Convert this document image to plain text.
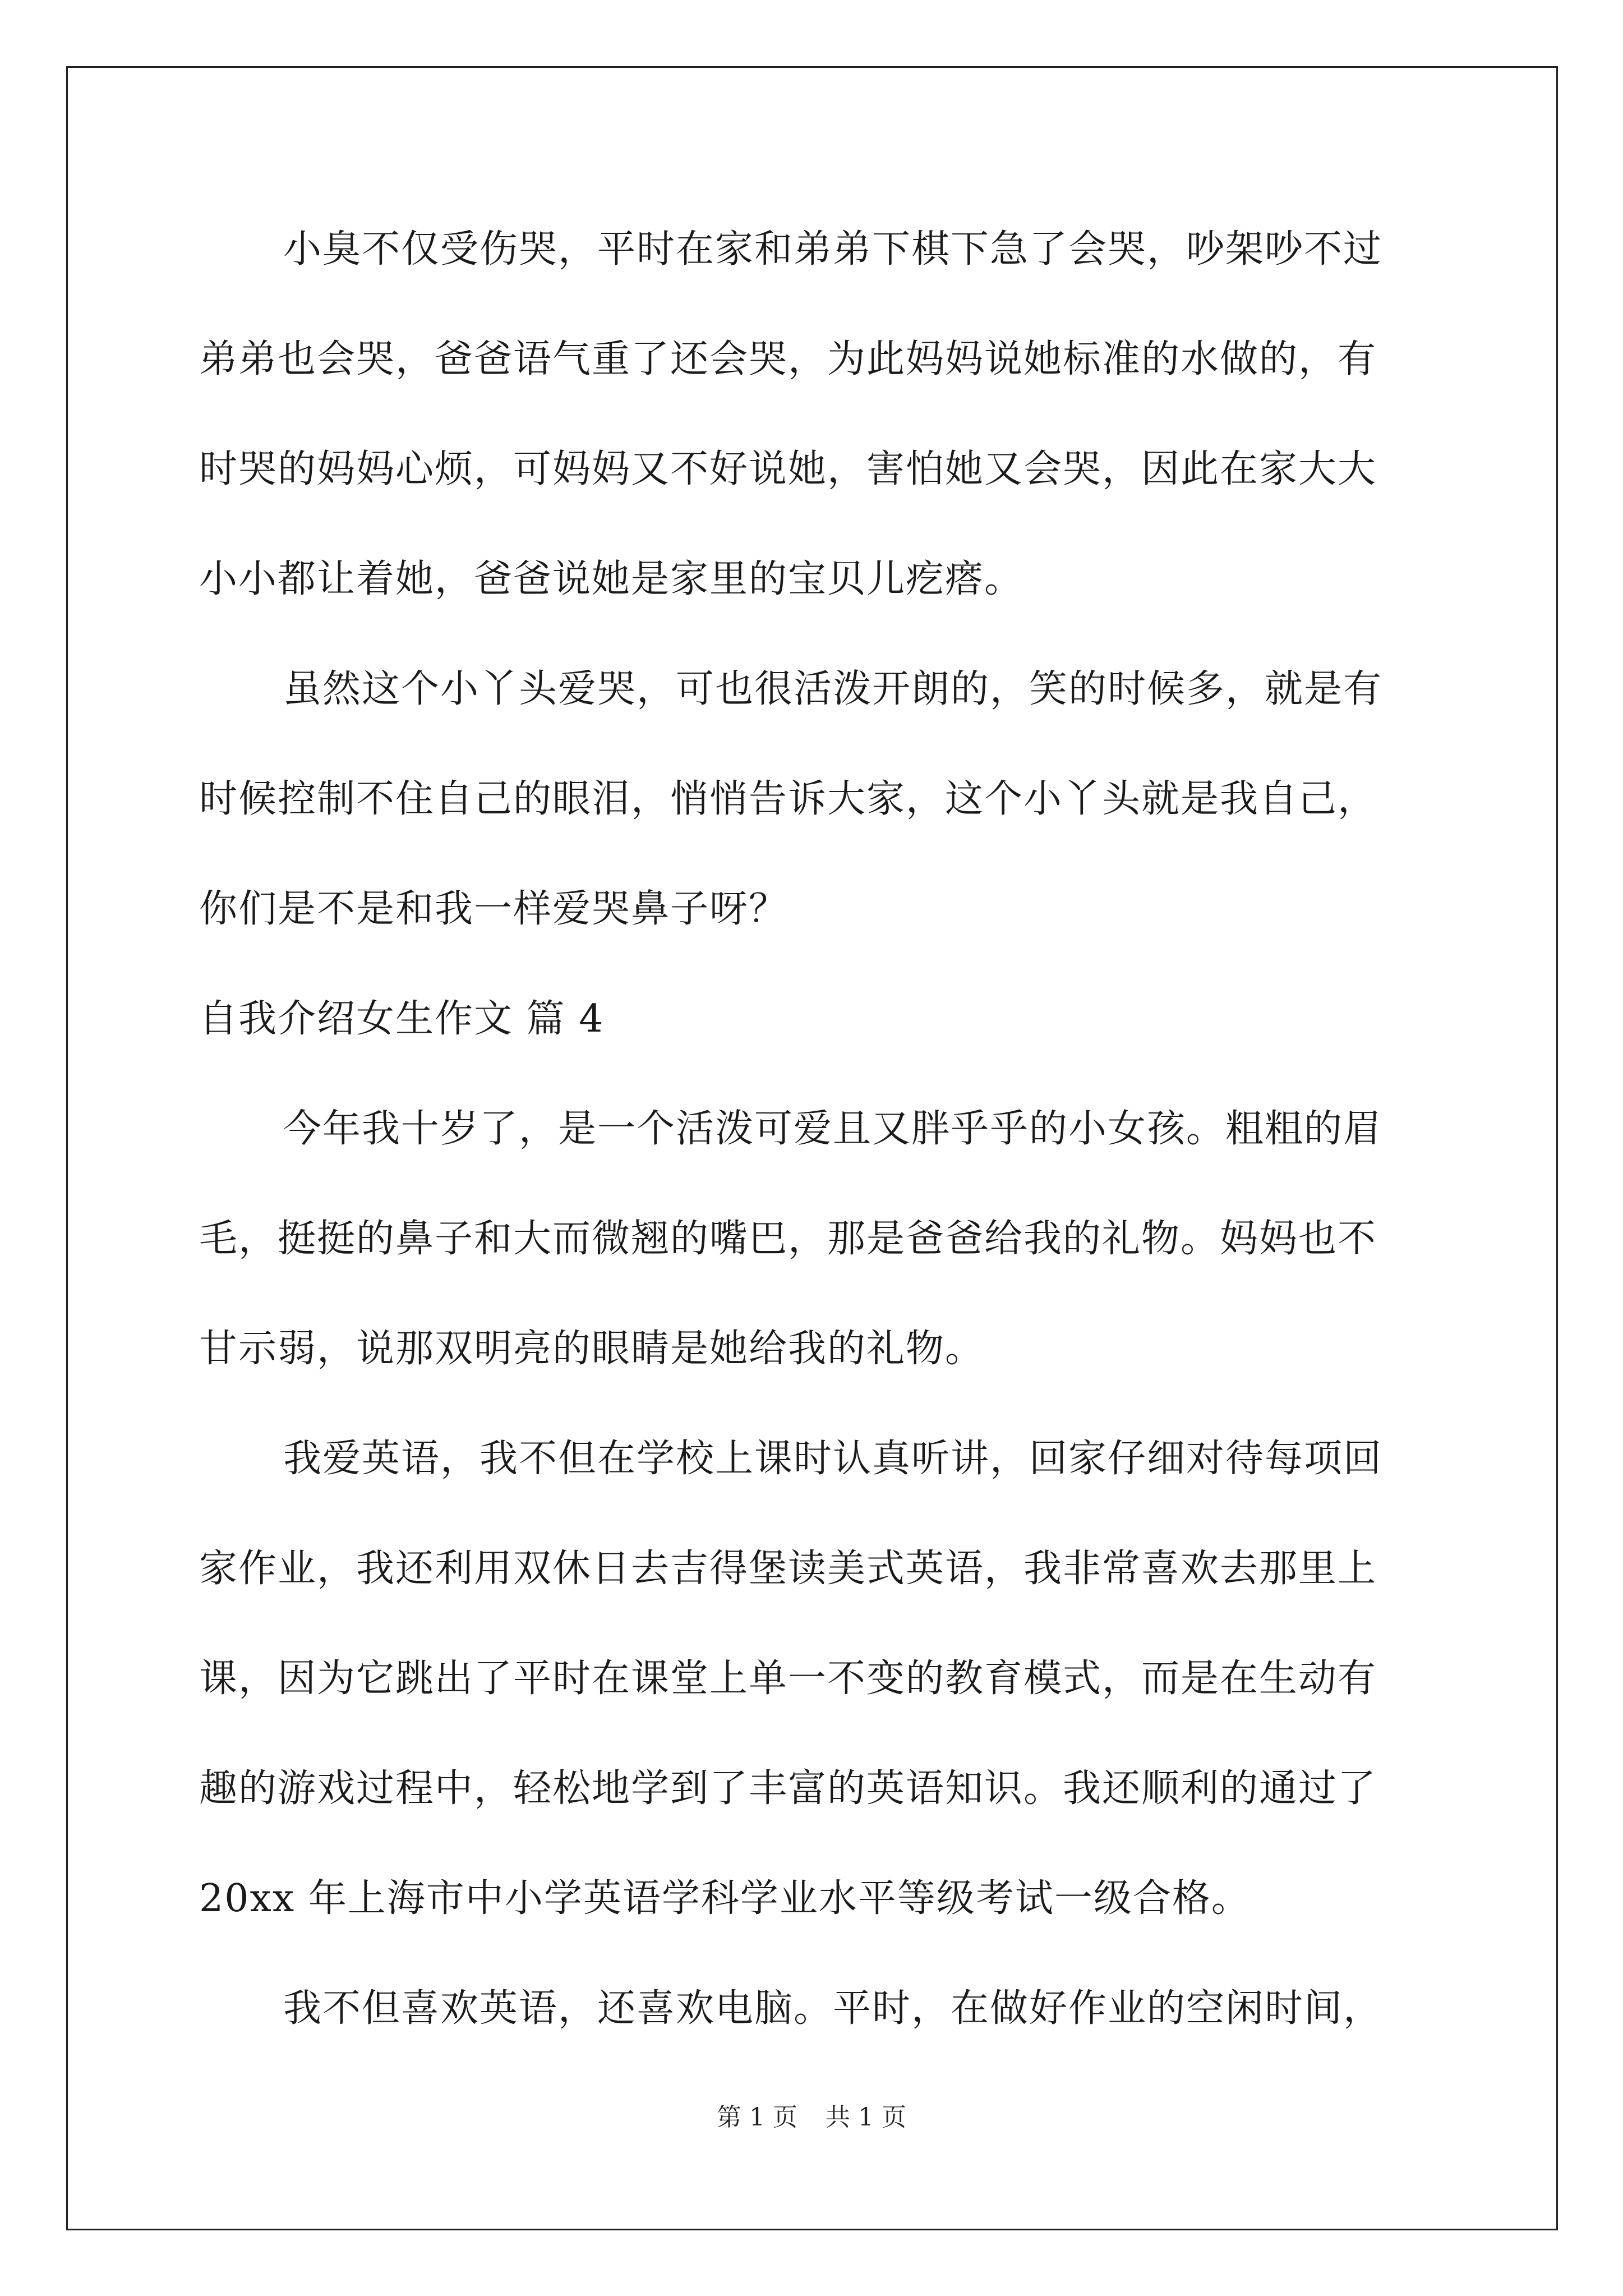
小臭不仅受伤哭，平时在家和弟弟下棋下急了会哭，吵架吵不过
弟弟也会哭，爸爸语气重了还会哭，为此妈妈说她标准的水做的，有
时哭的妈妈心烦，可妈妈又不好说她，害怕她又会哭，因此在家大大
小小都让着她，爸爸说她是家里的宝贝儿疙瘩。
虽然这个小丫头爱哭，可也很活泼开朗的，笑的时候多，就是有
时候控制不住自己的眼泪，悄悄告诉大家，这个小丫头就是我自己，
你们是不是和我一样爱哭鼻子呀？
自我介绍女生作文 篇 4
今年我十岁了，是一个活泼可爱且又胖乎乎的小女孩。粗粗的眉
毛，挺挺的鼻子和大而微翘的嘴巴，那是爸爸给我的礼物。妈妈也不
甘示弱，说那双明亮的眼睛是她给我的礼物。
我爱英语，我不但在学校上课时认真听讲，回家仔细对待每项回
家作业，我还利用双休日去吉得堡读美式英语，我非常喜欢去那里上
课，因为它跳出了平时在课堂上单一不变的教育模式，而是在生动有
趣的游戏过程中，轻松地学到了丰富的英语知识。我还顺利的通过了
20xx 年上海市中小学英语学科学业水平等级考试一级合格。
我不但喜欢英语，还喜欢电脑。平时，在做好作业的空闲时间，
第 1 页 共 1 页
